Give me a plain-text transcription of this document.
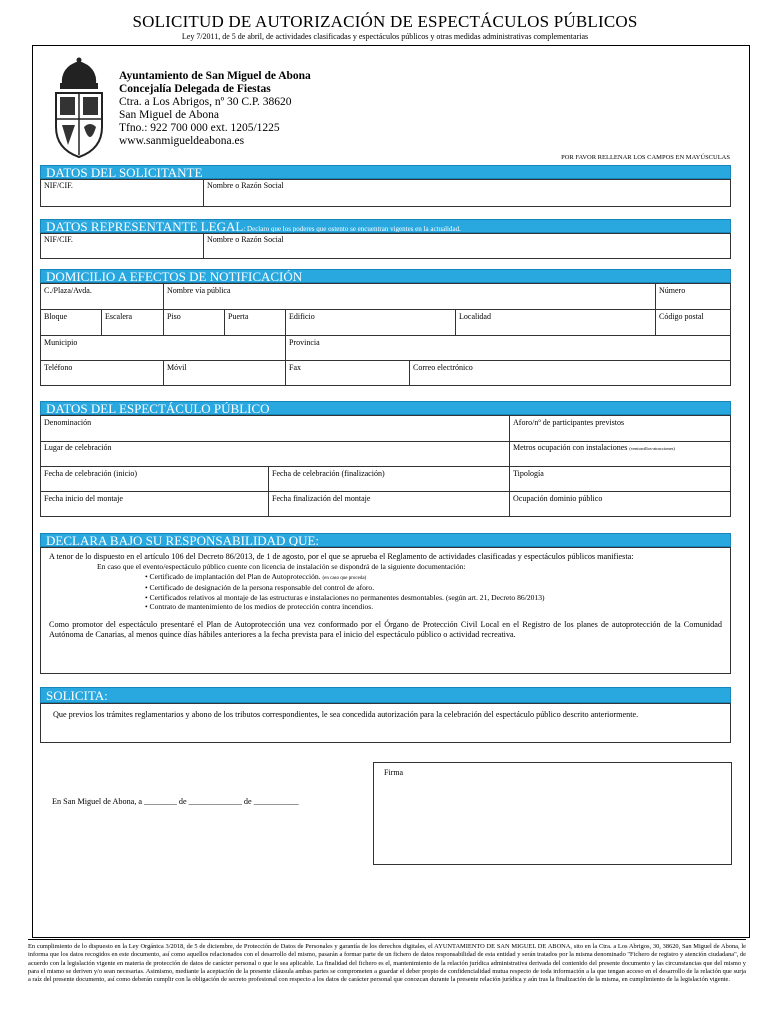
SOLICITUD DE AUTORIZACIÓN DE ESPECTÁCULOS PÚBLICOS
Ley 7/2011, de 5 de abril, de actividades clasificadas y espectáculos públicos y otras medidas administrativas complementarias
Ayuntamiento de San Miguel de Abona
Concejalía Delegada de Fiestas
Ctra. a Los Abrigos, nº 30 C.P. 38620
San Miguel de Abona
Tfno.: 922 700 000 ext. 1205/1225
www.sanmigueldeabona.es
POR FAVOR RELLENAR LOS CAMPOS EN MAYÚSCULAS
DATOS DEL SOLICITANTE
NIF/CIF.	Nombre o Razón Social
DATOS REPRESENTANTE LEGAL: Declaro que los poderes que ostento se encuentran vigentes en la actualidad.
NIF/CIF.	Nombre o Razón Social
DOMICILIO A EFECTOS DE NOTIFICACIÓN
C./Plaza/Avda.	Nombre vía pública	Número
Bloque	Escalera	Piso	Puerta	Edificio	Localidad	Código postal
Municipio	Provincia
Teléfono	Móvil	Fax	Correo electrónico
DATOS DEL ESPECTÁCULO PÚBLICO
Denominación	Aforo/nº de participantes previstos
Lugar de celebración	Metros ocupación con instalaciones (ventorrillos-atracciones)
Fecha de celebración (inicio)	Fecha de celebración (finalización)	Tipología
Fecha inicio del montaje	Fecha finalización del montaje	Ocupación dominio público
DECLARA BAJO SU RESPONSABILIDAD QUE:
A tenor de lo dispuesto en el artículo 106 del Decreto 86/2013, de 1 de agosto, por el que se aprueba el Reglamento de actividades clasificadas y espectáculos públicos manifiesta:
En caso que el evento/espectáculo público cuente con licencia de instalación se dispondrá de la siguiente documentación:
• Certificado de implantación del Plan de Autoprotección. (en caso que proceda)
• Certificado de designación de la persona responsable del control de aforo.
• Certificados relativos al montaje de las estructuras e instalaciones no permanentes desmontables. (según art. 21, Decreto 86/2013)
• Contrato de mantenimiento de los medios de protección contra incendios.
Como promotor del espectáculo presentaré el Plan de Autoprotección una vez conformado por el Órgano de Protección Civil Local en el Registro de los planes de autoprotección de la Comunidad Autónoma de Canarias, al menos quince días hábiles anteriores a la fecha prevista para el inicio del espectáculo público o actividad recreativa.
SOLICITA:
Que previos los trámites reglamentarios y abono de los tributos correspondientes, le sea concedida autorización para la celebración del espectáculo público descrito anteriormente.
En San Miguel de Abona, a ________ de _____________ de ___________
Firma
En cumplimiento de lo dispuesto en la Ley Orgánica 3/2018, de 5 de diciembre, de Protección de Datos de Personales y garantía de los derechos digitales, el AYUNTAMIENTO DE SAN MIGUEL DE ABONA, sito en la Ctra. a Los Abrigos, 30, 38620, San Miguel de Abona, le informa que los datos recogidos en este documento, así como aquellos relacionados con el desarrollo del mismo, pasarán a formar parte de un fichero de datos responsabilidad de esta entidad y serán tratados por la misma denominado "Fichero de registro y atención ciudadana", de acuerdo con la legislación vigente en materia de protección de datos de carácter personal o que le sea aplicable. La finalidad del fichero es el, mantenimiento de la relación jurídica administrativa derivada del contenido del presente documento y las circunstancias que del mismo y para el mismo se deriven y/o sean necesarias. Asimismo, mediante la aceptación de la presente cláusula ambas partes se comprometen a guardar el deber propio de confidencialidad mutua respecto de toda información a la que tengan acceso en el desarrollo de la relación que surja a raíz del presente documento, así como deberán cumplir con la obligación de secreto profesional con respecto a los datos de carácter personal que conozcan durante la presente relación jurídica y aún tras la finalización de la misma, en cumplimiento de la legislación vigente.
